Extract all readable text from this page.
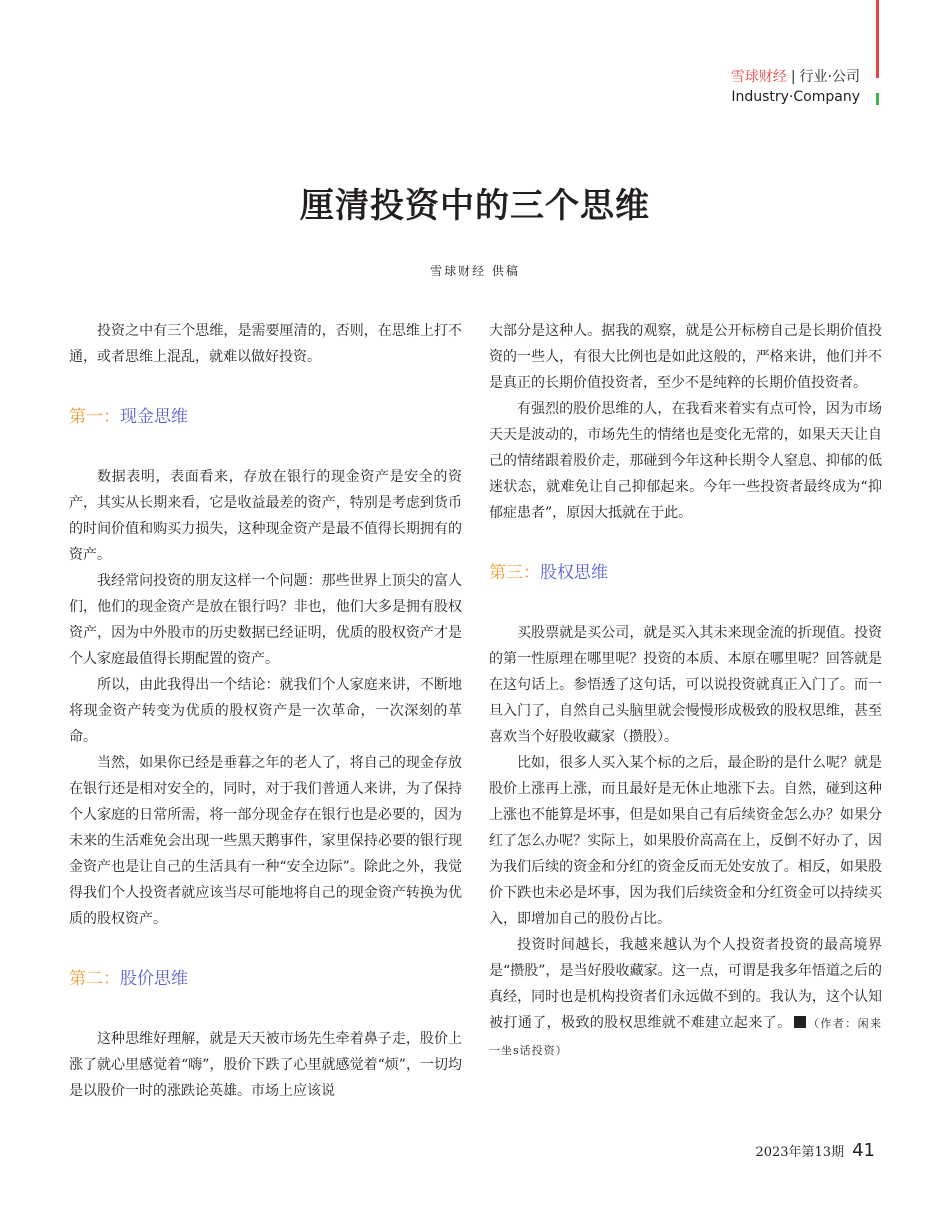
雪球财经 | 行业·公司
Industry·Company
厘清投资中的三个思维
雪球财经 供稿

投资之中有三个思维，是需要厘清的，否则，在思维上打不通，或者思维上混乱，就难以做好投资。

第一：现金思维

数据表明，表面看来，存放在银行的现金资产是安全的资产，其实从长期来看，它是收益最差的资产，特别是考虑到货币的时间价值和购买力损失，这种现金资产是最不值得长期拥有的资产。

我经常问投资的朋友这样一个问题：那些世界上顶尖的富人们，他们的现金资产是放在银行吗？非也，他们大多是拥有股权资产，因为中外股市的历史数据已经证明，优质的股权资产才是个人家庭最值得长期配置的资产。

所以，由此我得出一个结论：就我们个人家庭来讲，不断地将现金资产转变为优质的股权资产是一次革命，一次深刻的革命。

当然，如果你已经是垂暮之年的老人了，将自己的现金存放在银行还是相对安全的，同时，对于我们普通人来讲，为了保持个人家庭的日常所需，将一部分现金存在银行也是必要的，因为未来的生活难免会出现一些黑天鹅事件，家里保持必要的银行现金资产也是让自己的生活具有一种“安全边际”。除此之外，我觉得我们个人投资者就应该当尽可能地将自己的现金资产转换为优质的股权资产。

第二：股价思维

这种思维好理解，就是天天被市场先生牵着鼻子走，股价上涨了就心里感觉着“嗨”，股价下跌了心里就感觉着“烦”，一切均是以股价一时的涨跌论英雄。市场上应该说

大部分是这种人。据我的观察，就是公开标榜自己是长期价值投资的一些人，有很大比例也是如此这般的，严格来讲，他们并不是真正的长期价值投资者，至少不是纯粹的长期价值投资者。

有强烈的股价思维的人，在我看来着实有点可怜，因为市场天天是波动的，市场先生的情绪也是变化无常的，如果天天让自己的情绪跟着股价走，那碰到今年这种长期令人窒息、抑郁的低迷状态，就难免让自己抑郁起来。今年一些投资者最终成为“抑郁症患者”，原因大抵就在于此。

第三：股权思维

买股票就是买公司，就是买入其未来现金流的折现值。投资的第一性原理在哪里呢？投资的本质、本原在哪里呢？回答就是在这句话上。参悟透了这句话，可以说投资就真正入门了。而一旦入门了，自然自己头脑里就会慢慢形成极致的股权思维，甚至喜欢当个好股收藏家（攒股）。

比如，很多人买入某个标的之后，最企盼的是什么呢？就是股价上涨再上涨，而且最好是无休止地涨下去。自然，碰到这种上涨也不能算是坏事，但是如果自己有后续资金怎么办？如果分红了怎么办呢？实际上，如果股价高高在上，反倒不好办了，因为我们后续的资金和分红的资金反而无处安放了。相反，如果股价下跌也未必是坏事，因为我们后续资金和分红资金可以持续买入，即增加自己的股份占比。

投资时间越长，我越来越认为个人投资者投资的最高境界是“攒股”，是当好股收藏家。这一点，可谓是我多年悟道之后的真经，同时也是机构投资者们永远做不到的。我认为，这个认知被打通了，极致的股权思维就不难建立起来了。 （作者：闲来一坐s话投资）

2023年第13期 41
